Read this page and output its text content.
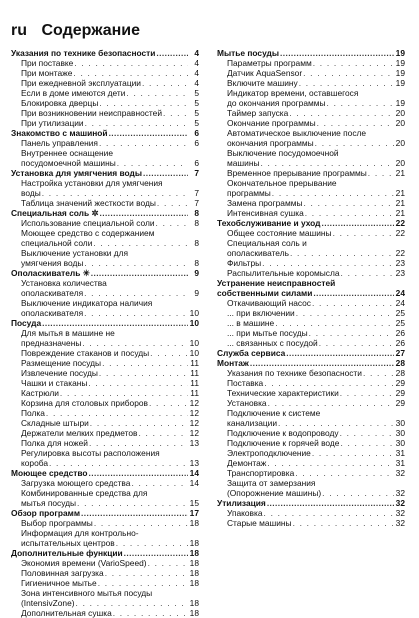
ru Содержание
Указания по технике безопасности .....	4
При поставке . . .	4
При монтаже . . .	4
При ежедневной эксплуатации . . .	4
Если в доме имеются дети . . .	5
Блокировка дверцы . . .	5
При возникновении неисправностей . . .	5
При утилизации . . .	5
Знакомство с машиной .....	6
Панель управления . . .	6
Внутреннее оснащение
посудомоечной машины . . .	6
Установка для умягчения воды .....	7
Настройка установки для умягчения
воды . . .	7
Таблица значений жесткости воды . . .	7
Специальная соль ✲ .....	8
Использование специальной соли . . .	8
Моющее средство с содержанием
специальной соли . . .	8
Выключение установки для
умягчения воды . . .	8
Ополаскиватель ✳ .....	9
Установка количества
ополаскивателя . . .	9
Выключение индикатора наличия
ополаскивателя . . .	10
Посуда .....	10
Для мытья в машине не
предназначены . . .	10
Повреждение стаканов и посуды . . .	10
Размещение посуды . . .	11
Извлечение посуды . . .	11
Чашки и стаканы . . .	11
Кастрюли . . .	11
Корзина для столовых приборов . . .	12
Полка . . .	12
Складные штыри . . .	12
Держатели мелких предметов . . .	12
Полка для ножей . . .	13
Регулировка высоты расположения
короба . . .	13
Моющее средство .....	14
Загрузка моющего средства . . .	14
Комбинированные средства для
мытья посуды . . .	15
Обзор программ .....	17
Выбор программы . . .	18
Информация для контрольно-
испытательных центров . . .	18
Дополнительные функции .....	18
Экономия времени (VarioSpeed) . . .	18
Половинная загрузка . . .	18
Гигиеничное мытье . . .	18
Зона интенсивного мытья посуды
(IntensivZone) . . .	18
Дополнительная сушка . . .	18
Мытье посуды .....	19
Параметры программ . . .	19
Датчик AquaSensor . . .	19
Включите машину . . .	19
Индикатор времени, оставшегося
до окончания программы . . .	19
Таймер запуска . . .	20
Окончание программы . . .	20
Автоматическое выключение после
окончания программы . . .	20
Выключение посудомоечной
машины . . .	20
Временное прерывание программы . . .	21
Окончательное прерывание
программы . . .	21
Замена программы . . .	21
Интенсивная сушка . . .	21
Техобслуживание и уход .....	22
Общее состояние машины . . .	22
Специальная соль и
ополаскиватель . . .	22
Фильтры . . .	23
Распылительные коромысла . . .	23
Устранение неисправностей
собственными силами .....	24
Откачивающий насос . . .	24
... при включении . . .	25
... в машине . . .	25
... при мытье посуды . . .	26
... связанных с посудой . . .	26
Служба сервиса .....	27
Монтаж .....	28
Указания по технике безопасности . . .	28
Поставка . . .	29
Технические характеристики . . .	29
Установка . . .	29
Подключение к системе
канализации . . .	30
Подключение к водопроводу . . .	30
Подключение к горячей воде . . .	30
Электроподключение . . .	31
Демонтаж . . .	31
Транспортировка . . .	32
Защита от замерзания
(Опорожнение машины) . . .	32
Утилизация .....	32
Упаковка . . .	32
Старые машины . . .	32
